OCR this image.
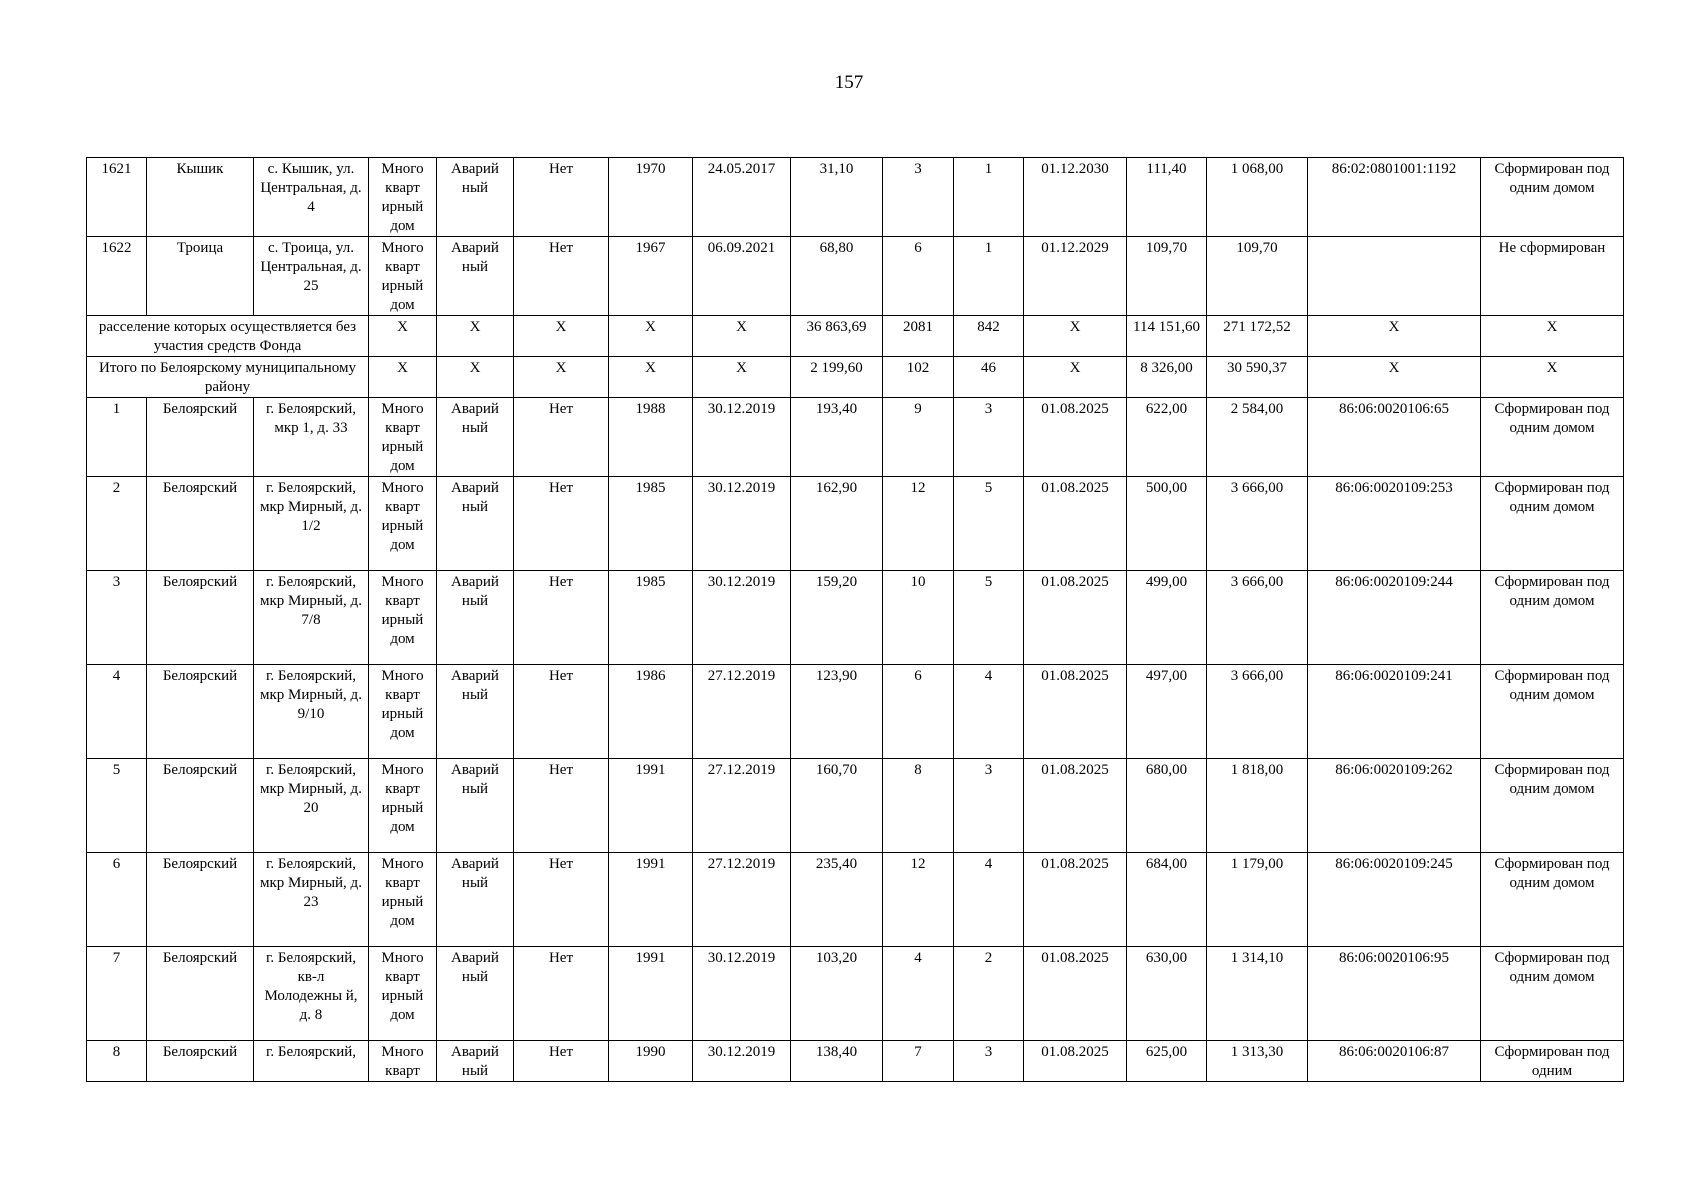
157
1621	Кышик	с. Кышик, ул. Центральная, д. 4	Много кварт ирный дом	Аварий ный	Нет	1970	24.05.2017	31,10	3	1	01.12.2030	111,40	1 068,00	86:02:0801001:1192	Сформирован под одним домом
1622	Троица	с. Троица, ул. Центральная, д. 25	Много кварт ирный дом	Аварий ный	Нет	1967	06.09.2021	68,80	6	1	01.12.2029	109,70	109,70		Не сформирован
расселение которых осуществляется без участия средств Фонда			X	X	X	X	X	36 863,69	2081	842	X	114 151,60	271 172,52	X	X
Итого по Белоярскому муниципальному району			X	X	X	X	X	2 199,60	102	46	X	8 326,00	30 590,37	X	X
1	Белоярский	г. Белоярский, мкр 1, д. 33	Много кварт ирный дом	Аварий ный	Нет	1988	30.12.2019	193,40	9	3	01.08.2025	622,00	2 584,00	86:06:0020106:65	Сформирован под одним домом
2	Белоярский	г. Белоярский, мкр Мирный, д. 1/2	Много кварт ирный дом	Аварий ный	Нет	1985	30.12.2019	162,90	12	5	01.08.2025	500,00	3 666,00	86:06:0020109:253	Сформирован под одним домом
3	Белоярский	г. Белоярский, мкр Мирный, д. 7/8	Много кварт ирный дом	Аварий ный	Нет	1985	30.12.2019	159,20	10	5	01.08.2025	499,00	3 666,00	86:06:0020109:244	Сформирован под одним домом
4	Белоярский	г. Белоярский, мкр Мирный, д. 9/10	Много кварт ирный дом	Аварий ный	Нет	1986	27.12.2019	123,90	6	4	01.08.2025	497,00	3 666,00	86:06:0020109:241	Сформирован под одним домом
5	Белоярский	г. Белоярский, мкр Мирный, д. 20	Много кварт ирный дом	Аварий ный	Нет	1991	27.12.2019	160,70	8	3	01.08.2025	680,00	1 818,00	86:06:0020109:262	Сформирован под одним домом
6	Белоярский	г. Белоярский, мкр Мирный, д. 23	Много кварт ирный дом	Аварий ный	Нет	1991	27.12.2019	235,40	12	4	01.08.2025	684,00	1 179,00	86:06:0020109:245	Сформирован под одним домом
7	Белоярский	г. Белоярский, кв-л Молодежны й, д. 8	Много кварт ирный дом	Аварий ный	Нет	1991	30.12.2019	103,20	4	2	01.08.2025	630,00	1 314,10	86:06:0020106:95	Сформирован под одним домом
8	Белоярский	г. Белоярский,	Много кварт	Аварий ный	Нет	1990	30.12.2019	138,40	7	3	01.08.2025	625,00	1 313,30	86:06:0020106:87	Сформирован под одним
